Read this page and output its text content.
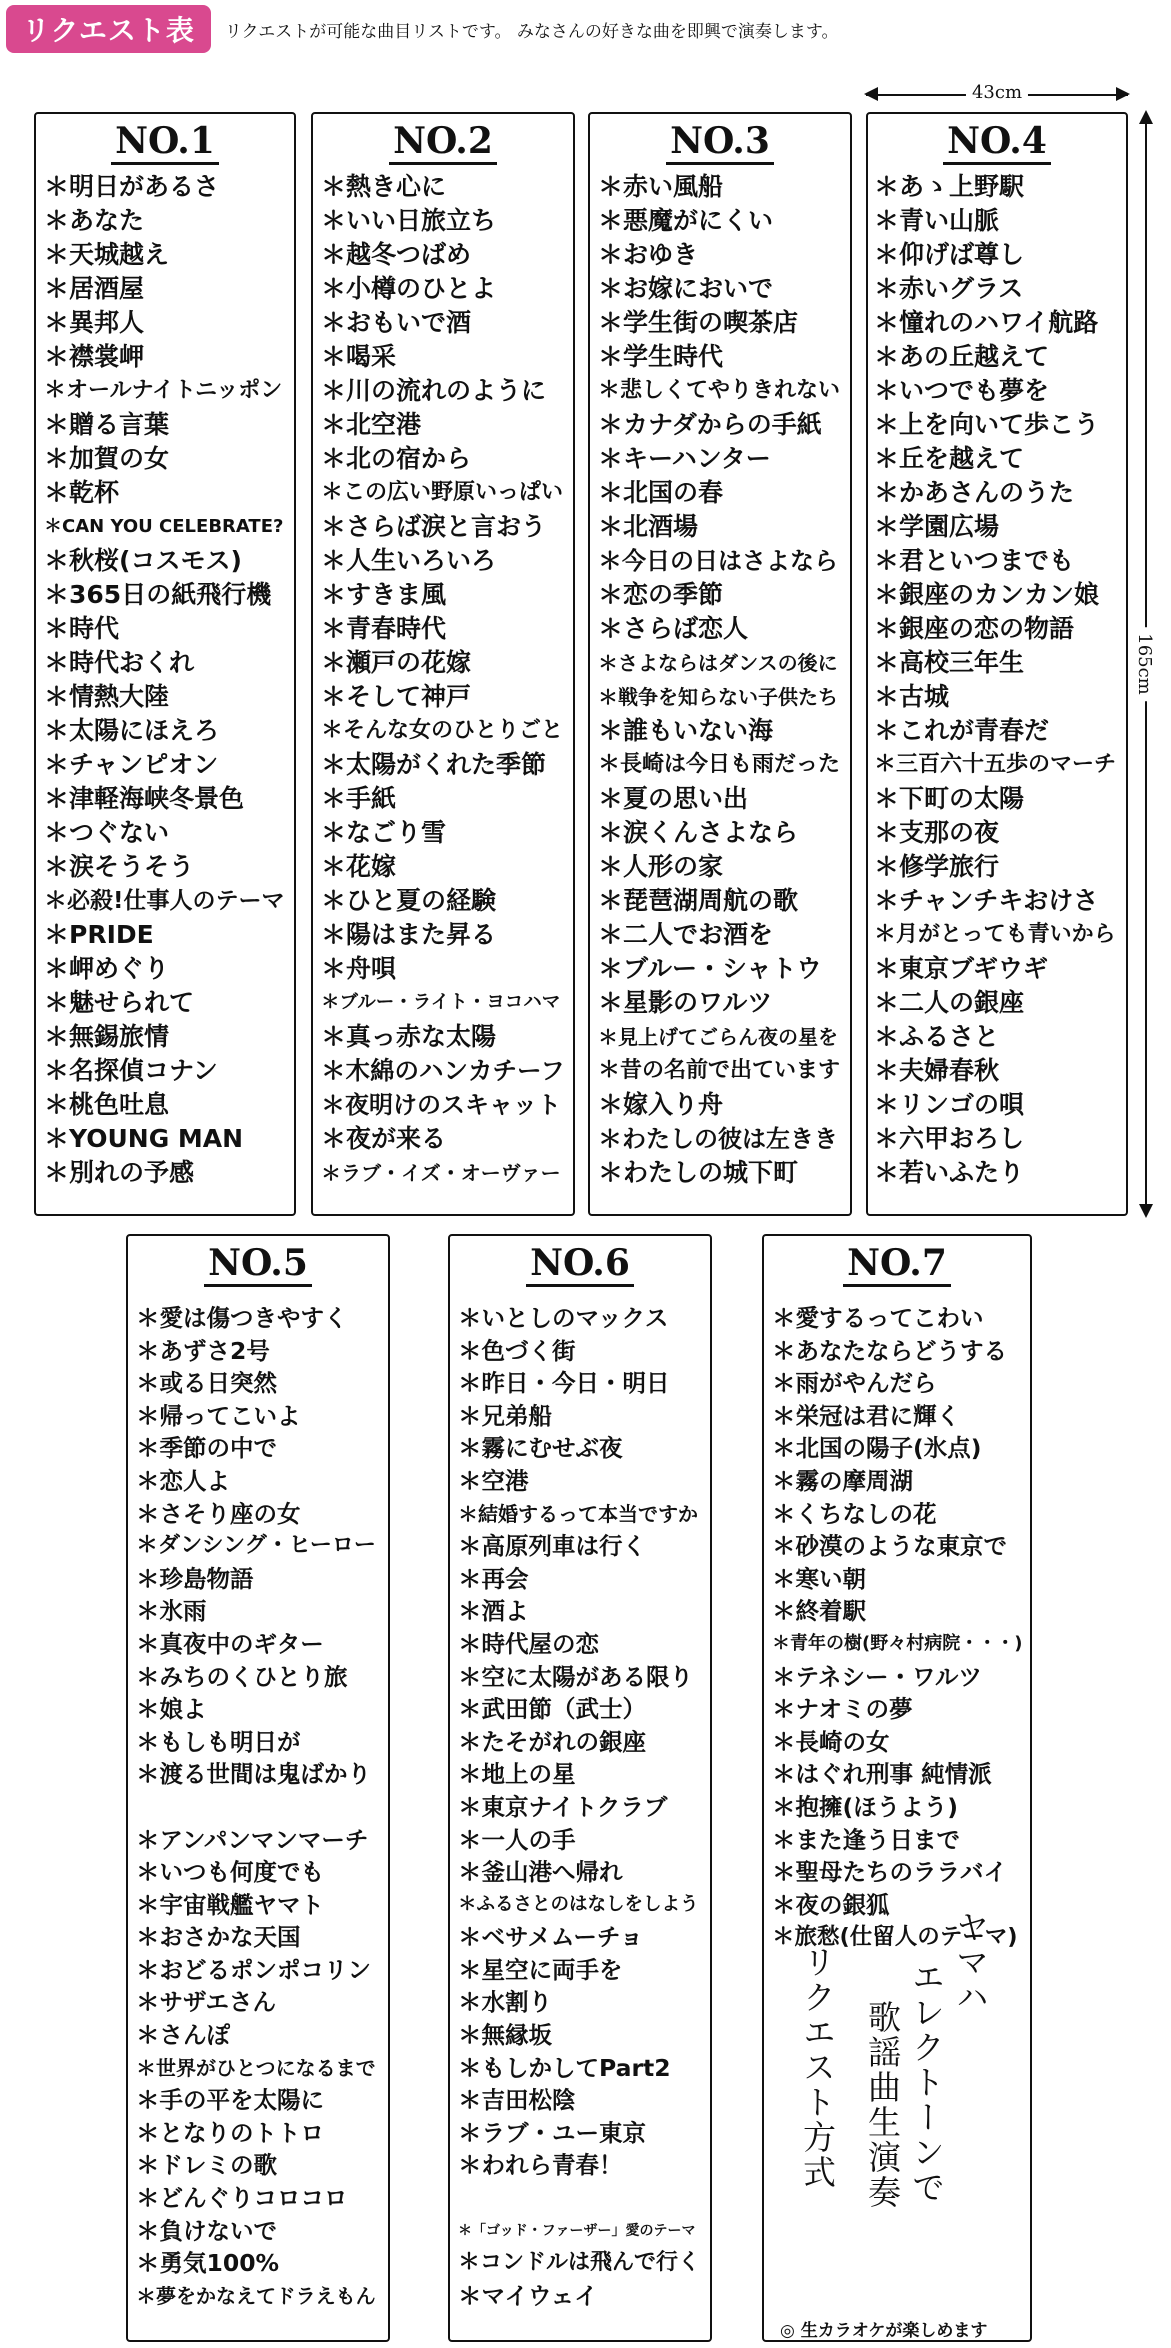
リクエスト表	リクエストが可能な曲目リストです。 みなさんの好きな曲を即興で演奏します。
43cm
165cm
NO.1
＊ 明日があるさ
＊ あなた
＊ 天城越え
＊ 居酒屋
＊ 異邦人
＊ 襟裳岬
＊ オールナイトニッポン
＊ 贈る言葉
＊ 加賀の女
＊ 乾杯
＊ CAN YOU CELEBRATE?
＊ 秋桜(コスモス)
＊ 365日の紙飛行機
＊ 時代
＊ 時代おくれ
＊ 情熱大陸
＊ 太陽にほえろ
＊ チャンピオン
＊ 津軽海峡冬景色
＊ つぐない
＊ 涙そうそう
＊ 必殺!仕事人のテーマ
＊ PRIDE
＊ 岬めぐり
＊ 魅せられて
＊ 無錫旅情
＊ 名探偵コナン
＊ 桃色吐息
＊ YOUNG MAN
＊ 別れの予感
NO.2
＊ 熱き心に
＊ いい日旅立ち
＊ 越冬つばめ
＊ 小樽のひとよ
＊ おもいで酒
＊ 喝采
＊ 川の流れのように
＊ 北空港
＊ 北の宿から
＊ この広い野原いっぱい
＊ さらば涙と言おう
＊ 人生いろいろ
＊ すきま風
＊ 青春時代
＊ 瀬戸の花嫁
＊ そして神戸
＊ そんな女のひとりごと
＊ 太陽がくれた季節
＊ 手紙
＊ なごり雪
＊ 花嫁
＊ ひと夏の経験
＊ 陽はまた昇る
＊ 舟唄
＊ ブルー・ライト・ヨコハマ
＊ 真っ赤な太陽
＊ 木綿のハンカチーフ
＊ 夜明けのスキャット
＊ 夜が来る
＊ ラブ・イズ・オーヴァー
NO.3
＊ 赤い風船
＊ 悪魔がにくい
＊ おゆき
＊ お嫁においで
＊ 学生街の喫茶店
＊ 学生時代
＊ 悲しくてやりきれない
＊ カナダからの手紙
＊ キーハンター
＊ 北国の春
＊ 北酒場
＊ 今日の日はさよなら
＊ 恋の季節
＊ さらば恋人
＊ さよならはダンスの後に
＊ 戦争を知らない子供たち
＊ 誰もいない海
＊ 長崎は今日も雨だった
＊ 夏の思い出
＊ 涙くんさよなら
＊ 人形の家
＊ 琵琶湖周航の歌
＊ 二人でお酒を
＊ ブルー・シャトウ
＊ 星影のワルツ
＊ 見上げてごらん夜の星を
＊ 昔の名前で出ています
＊ 嫁入り舟
＊ わたしの彼は左きき
＊ わたしの城下町
NO.4
＊ あゝ上野駅
＊ 青い山脈
＊ 仰げば尊し
＊ 赤いグラス
＊ 憧れのハワイ航路
＊ あの丘越えて
＊ いつでも夢を
＊ 上を向いて歩こう
＊ 丘を越えて
＊ かあさんのうた
＊ 学園広場
＊ 君といつまでも
＊ 銀座のカンカン娘
＊ 銀座の恋の物語
＊ 高校三年生
＊ 古城
＊ これが青春だ
＊ 三百六十五歩のマーチ
＊ 下町の太陽
＊ 支那の夜
＊ 修学旅行
＊ チャンチキおけさ
＊ 月がとっても青いから
＊ 東京ブギウギ
＊ 二人の銀座
＊ ふるさと
＊ 夫婦春秋
＊ リンゴの唄
＊ 六甲おろし
＊ 若いふたり
NO.5
＊ 愛は傷つきやすく
＊ あずさ2号
＊ 或る日突然
＊ 帰ってこいよ
＊ 季節の中で
＊ 恋人よ
＊ さそり座の女
＊ ダンシング・ヒーロー
＊ 珍島物語
＊ 氷雨
＊ 真夜中のギター
＊ みちのくひとり旅
＊ 娘よ
＊ もしも明日が
＊ 渡る世間は鬼ばかり

＊ アンパンマンマーチ
＊ いつも何度でも
＊ 宇宙戦艦ヤマト
＊ おさかな天国
＊ おどるポンポコリン
＊ サザエさん
＊ さんぽ
＊ 世界がひとつになるまで
＊ 手の平を太陽に
＊ となりのトトロ
＊ ドレミの歌
＊ どんぐりコロコロ
＊ 負けないで
＊ 勇気100%
＊ 夢をかなえてドラえもん
NO.6
＊ いとしのマックス
＊ 色づく街
＊ 昨日・今日・明日
＊ 兄弟船
＊ 霧にむせぶ夜
＊ 空港
＊ 結婚するって本当ですか
＊ 高原列車は行く
＊ 再会
＊ 酒よ
＊ 時代屋の恋
＊ 空に太陽がある限り
＊ 武田節（武士）
＊ たそがれの銀座
＊ 地上の星
＊ 東京ナイトクラブ
＊ 一人の手
＊ 釜山港へ帰れ
＊ ふるさとのはなしをしよう
＊ ベサメムーチョ
＊ 星空に両手を
＊ 水割り
＊ 無縁坂
＊ もしかしてPart2
＊ 吉田松陰
＊ ラブ・ユー東京
＊ われら青春！

＊ 「ゴッド・ファーザー」愛のテーマ
＊ コンドルは飛んで行く
＊ マイウェイ
NO.7
＊ 愛するってこわい
＊ あなたならどうする
＊ 雨がやんだら
＊ 栄冠は君に輝く
＊ 北国の陽子(氷点)
＊ 霧の摩周湖
＊ くちなしの花
＊ 砂漠のような東京で
＊ 寒い朝
＊ 終着駅
＊ 青年の樹(野々村病院・・・)
＊ テネシー・ワルツ
＊ ナオミの夢
＊ 長崎の女
＊ はぐれ刑事 純情派
＊ 抱擁(ほうよう)
＊ また逢う日まで
＊ 聖母たちのララバイ
＊ 夜の銀狐
＊ 旅愁(仕留人のテーマ)
ヤマハ
エレクトーンで
歌謡曲生演奏
リクエスト方式
◎ 生カラオケが楽しめます
